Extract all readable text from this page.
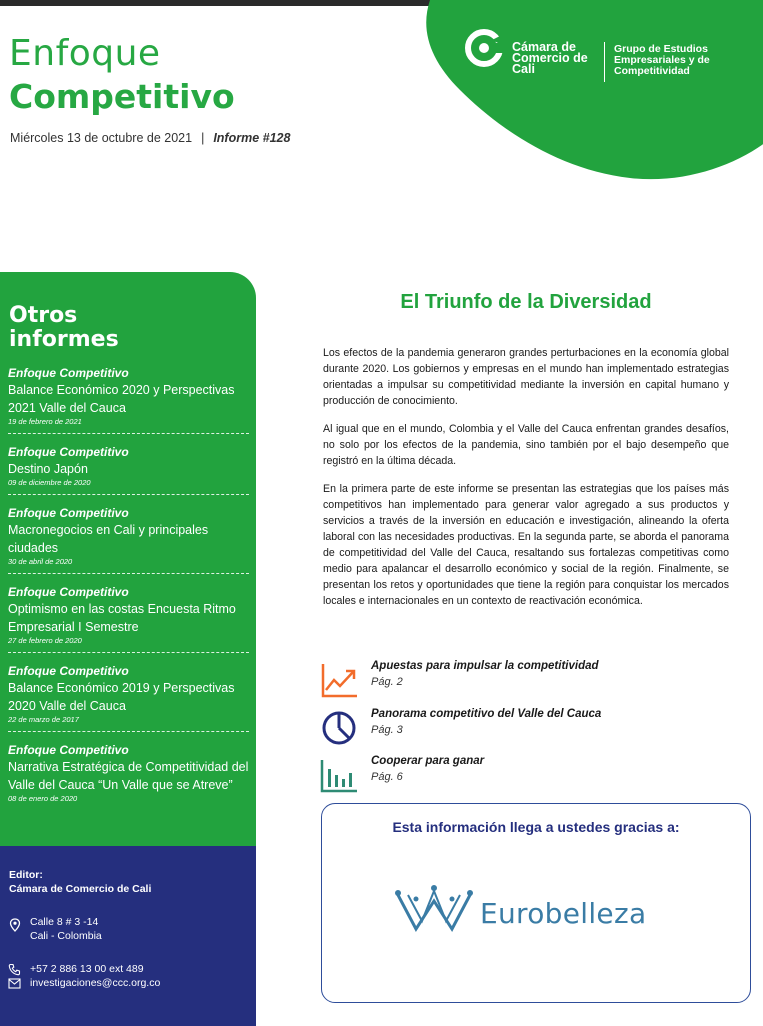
Enfoque
Competitivo
Miércoles 13 de octubre de 2021 | Informe #128
Cámara de
Comercio de
Cali
Grupo de Estudios
Empresariales y de
Competitividad
Otros
informes
Enfoque Competitivo
Balance Económico 2020 y Perspectivas 2021 Valle del Cauca
19 de febrero de 2021
Enfoque Competitivo
Destino Japón
09 de diciembre de 2020
Enfoque Competitivo
Macronegocios en Cali y principales ciudades
30 de abril de 2020
Enfoque Competitivo
Optimismo en las costas Encuesta Ritmo Empresarial I Semestre
27 de febrero de 2020
Enfoque Competitivo
Balance Económico 2019 y Perspectivas 2020 Valle del Cauca
22 de marzo de 2017
Enfoque Competitivo
Narrativa Estratégica de Competitividad del Valle del Cauca “Un Valle que se Atreve”
08 de enero de 2020
Editor:
Cámara de Comercio de Cali
Calle 8 # 3 -14
Cali - Colombia
+57 2 886 13 00 ext 489
investigaciones@ccc.org.co
El Triunfo de la Diversidad

Los efectos de la pandemia generaron grandes perturbaciones en la economía global durante 2020. Los gobiernos y empresas en el mundo han implementado estrategias orientadas a impulsar su competitividad mediante la inversión en capital humano y producción de conocimiento.

Al igual que en el mundo, Colombia y el Valle del Cauca enfrentan grandes desafíos, no solo por los efectos de la pandemia, sino también por el bajo desempeño que registró en la última década.

En la primera parte de este informe se presentan las estrategias que los países más competitivos han implementado para generar valor agregado a sus productos y servicios a través de la inversión en educación e investigación, alineando la oferta laboral con las necesidades productivas. En la segunda parte, se aborda el panorama de competitividad del Valle del Cauca, resaltando sus fortalezas competitivas como medio para apalancar el desarrollo económico y social de la región. Finalmente, se presentan los retos y oportunidades que tiene la región para conquistar los mercados locales e internacionales en un contexto de reactivación económica.

Apuestas para impulsar la competitividad
Pág. 2
Panorama competitivo del Valle del Cauca
Pág. 3
Cooperar para ganar
Pág. 6
Esta información llega a ustedes gracias a:
Eurobelleza
